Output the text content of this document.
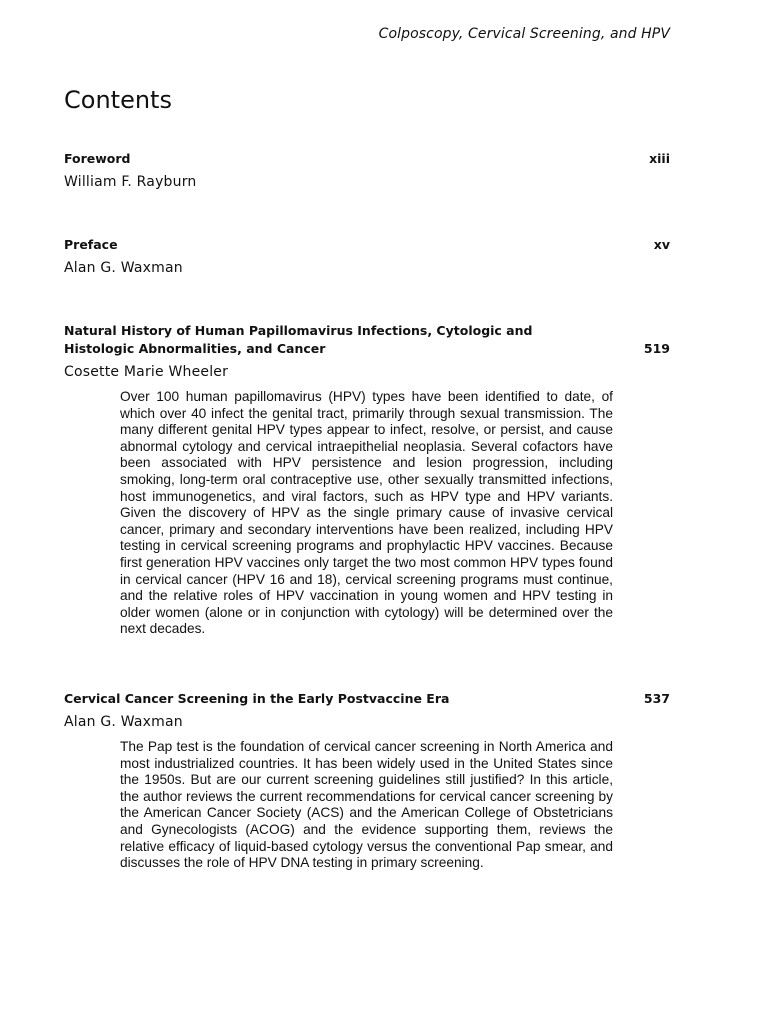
Colposcopy, Cervical Screening, and HPV
Contents
Foreword	xiii
William F. Rayburn
Preface	xv
Alan G. Waxman
Natural History of Human Papillomavirus Infections, Cytologic and Histologic Abnormalities, and Cancer	519
Cosette Marie Wheeler
Over 100 human papillomavirus (HPV) types have been identified to date, of which over 40 infect the genital tract, primarily through sexual transmission. The many different genital HPV types appear to infect, resolve, or persist, and cause abnormal cytology and cervical intraepithelial neoplasia. Several cofactors have been associated with HPV persistence and lesion progression, including smoking, long-term oral contraceptive use, other sexually transmitted infections, host immunogenetics, and viral factors, such as HPV type and HPV variants. Given the discovery of HPV as the single primary cause of invasive cervical cancer, primary and secondary interventions have been realized, including HPV testing in cervical screening programs and prophylactic HPV vaccines. Because first generation HPV vaccines only target the two most common HPV types found in cervical cancer (HPV 16 and 18), cervical screening programs must continue, and the relative roles of HPV vaccination in young women and HPV testing in older women (alone or in conjunction with cytology) will be determined over the next decades.
Cervical Cancer Screening in the Early Postvaccine Era	537
Alan G. Waxman
The Pap test is the foundation of cervical cancer screening in North America and most industrialized countries. It has been widely used in the United States since the 1950s. But are our current screening guidelines still justified? In this article, the author reviews the current recommendations for cervical cancer screening by the American Cancer Society (ACS) and the American College of Obstetricians and Gynecologists (ACOG) and the evidence supporting them, reviews the relative efficacy of liquid-based cytology versus the conventional Pap smear, and discusses the role of HPV DNA testing in primary screening.
